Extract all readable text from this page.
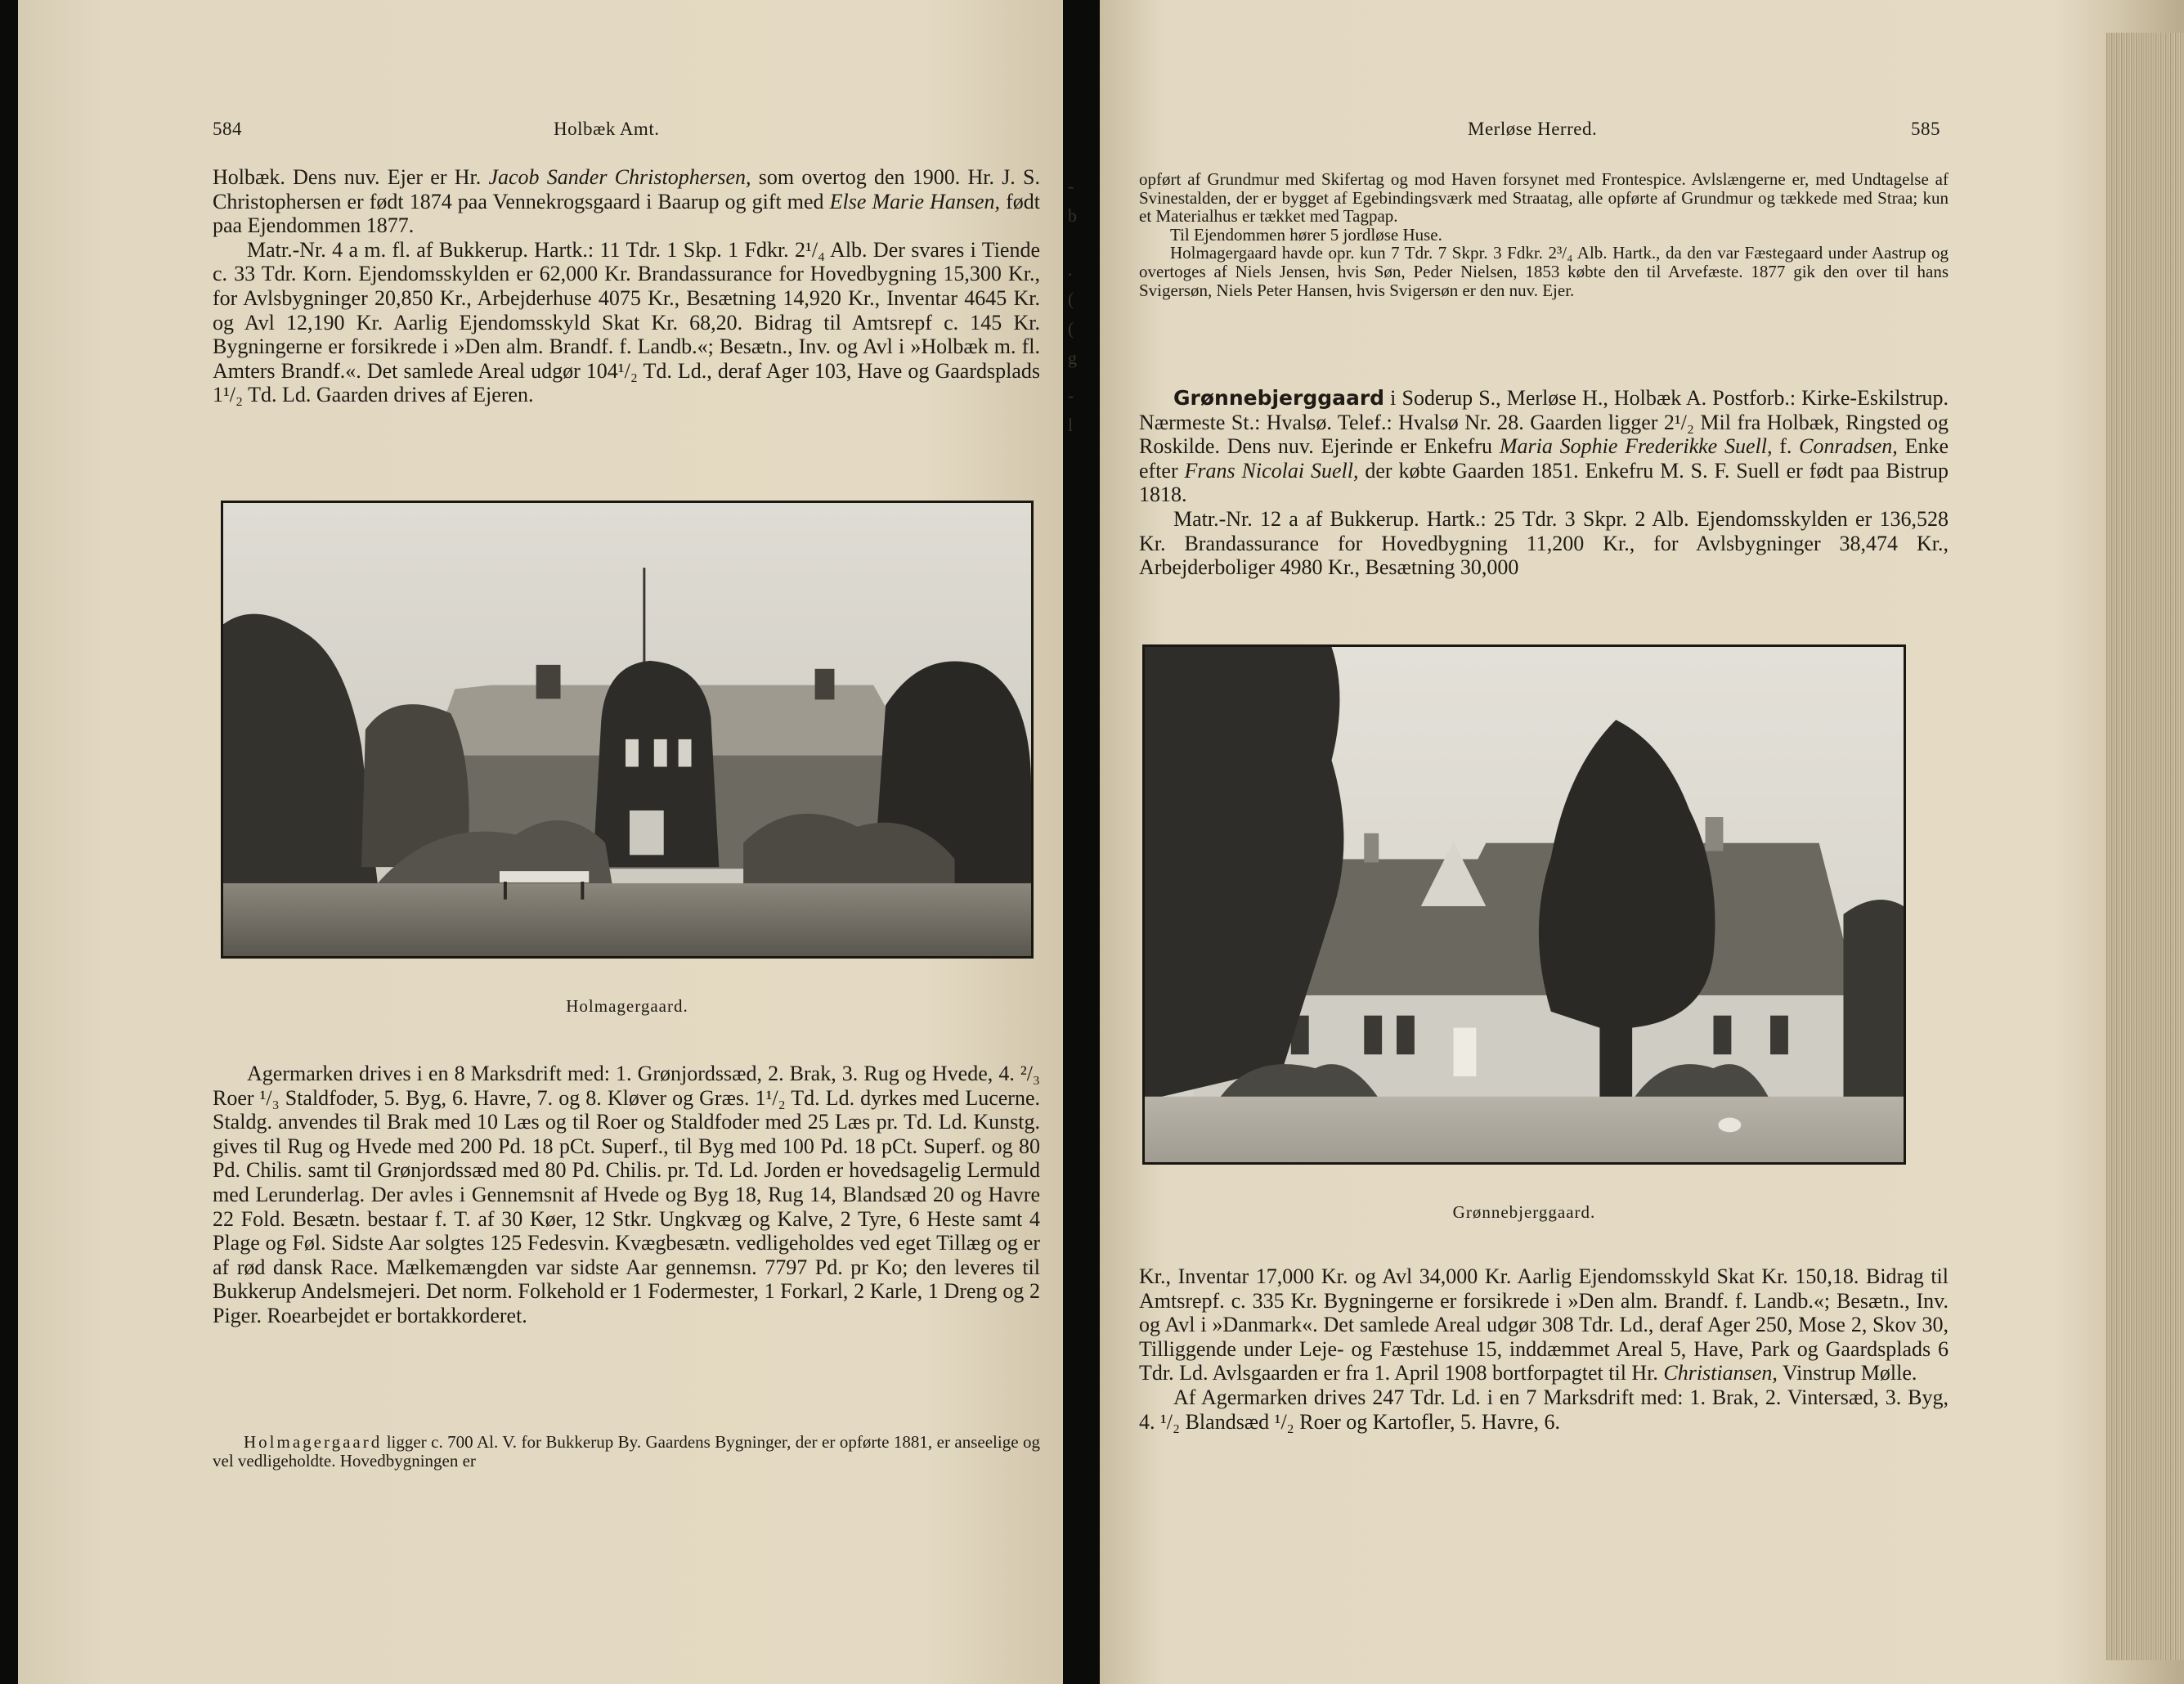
584	Holbæk Amt.

Holbæk. Dens nuv. Ejer er Hr. Jacob Sander Christophersen, som overtog den 1900. Hr. J. S. Christophersen er født 1874 paa Vennekrogsgaard i Baarup og gift med Else Marie Hansen, født paa Ejendommen 1877.

Matr.-Nr. 4 a m. fl. af Bukkerup. Hartk.: 11 Tdr. 1 Skp. 1 Fdkr. 2¹/₄ Alb. Der svares i Tiende c. 33 Tdr. Korn. Ejendomsskylden er 62,000 Kr. Brandassurance for Hovedbygning 15,300 Kr., for Avlsbygninger 20,850 Kr., Arbejderhuse 4075 Kr., Besætning 14,920 Kr., Inventar 4645 Kr. og Avl 12,190 Kr. Aarlig Ejendomsskyld Skat Kr. 68,20. Bidrag til Amtsrepf c. 145 Kr. Bygningerne er forsikrede i »Den alm. Brandf. f. Landb.«; Besætn., Inv. og Avl i »Holbæk m. fl. Amters Brandf.«. Det samlede Areal udgør 104¹/₂ Td. Ld., deraf Ager 103, Have og Gaardsplads 1¹/₂ Td. Ld. Gaarden drives af Ejeren.

Holmagergaard.

Agermarken drives i en 8 Marksdrift med: 1. Grønjordssæd, 2. Brak, 3. Rug og Hvede, 4. ²/₃ Roer ¹/₃ Staldfoder, 5. Byg, 6. Havre, 7. og 8. Kløver og Græs. 1¹/₂ Td. Ld. dyrkes med Lucerne. Staldg. anvendes til Brak med 10 Læs og til Roer og Staldfoder med 25 Læs pr. Td. Ld. Kunstg. gives til Rug og Hvede med 200 Pd. 18 pCt. Superf., til Byg med 100 Pd. 18 pCt. Superf. og 80 Pd. Chilis. samt til Grønjordssæd med 80 Pd. Chilis. pr. Td. Ld. Jorden er hovedsagelig Lermuld med Lerunderlag. Der avles i Gennemsnit af Hvede og Byg 18, Rug 14, Blandsæd 20 og Havre 22 Fold. Besætn. bestaar f. T. af 30 Køer, 12 Stkr. Ungkvæg og Kalve, 2 Tyre, 6 Heste samt 4 Plage og Føl. Sidste Aar solgtes 125 Fedesvin. Kvægbesætn. vedligeholdes ved eget Tillæg og er af rød dansk Race. Mælkemængden var sidste Aar gennemsn. 7797 Pd. pr Ko; den leveres til Bukkerup Andelsmejeri. Det norm. Folkehold er 1 Fodermester, 1 Forkarl, 2 Karle, 1 Dreng og 2 Piger. Roearbejdet er bortakkorderet.

Holmagergaard ligger c. 700 Al. V. for Bukkerup By. Gaardens Bygninger, der er opførte 1881, er anseelige og vel vedligeholdte. Hovedbygningen er

-
b
.
(
(
g
-
l
Merløse Herred.	585

opført af Grundmur med Skifertag og mod Haven forsynet med Frontespice. Avlslængerne er, med Undtagelse af Svinestalden, der er bygget af Egebindingsværk med Straatag, alle opførte af Grundmur og tækkede med Straa; kun et Materialhus er tækket med Tagpap.

Til Ejendommen hører 5 jordløse Huse.

Holmagergaard havde opr. kun 7 Tdr. 7 Skpr. 3 Fdkr. 2³/₄ Alb. Hartk., da den var Fæstegaard under Aastrup og overtoges af Niels Jensen, hvis Søn, Peder Nielsen, 1853 købte den til Arvefæste. 1877 gik den over til hans Svigersøn, Niels Peter Hansen, hvis Svigersøn er den nuv. Ejer.

Grønnebjerggaard i Soderup S., Merløse H., Holbæk A. Postforb.: Kirke-Eskilstrup. Nærmeste St.: Hvalsø. Telef.: Hvalsø Nr. 28. Gaarden ligger 2¹/₂ Mil fra Holbæk, Ringsted og Roskilde. Dens nuv. Ejerinde er Enkefru Maria Sophie Frederikke Suell, f. Conradsen, Enke efter Frans Nicolai Suell, der købte Gaarden 1851. Enkefru M. S. F. Suell er født paa Bistrup 1818.

Matr.-Nr. 12 a af Bukkerup. Hartk.: 25 Tdr. 3 Skpr. 2 Alb. Ejendomsskylden er 136,528 Kr. Brandassurance for Hovedbygning 11,200 Kr., for Avlsbygninger 38,474 Kr., Arbejderboliger 4980 Kr., Besætning 30,000

Grønnebjerggaard.

Kr., Inventar 17,000 Kr. og Avl 34,000 Kr. Aarlig Ejendomsskyld Skat Kr. 150,18. Bidrag til Amtsrepf. c. 335 Kr. Bygningerne er forsikrede i »Den alm. Brandf. f. Landb.«; Besætn., Inv. og Avl i »Danmark«. Det samlede Areal udgør 308 Tdr. Ld., deraf Ager 250, Mose 2, Skov 30, Tilliggende under Leje- og Fæstehuse 15, inddæmmet Areal 5, Have, Park og Gaardsplads 6 Tdr. Ld. Avlsgaarden er fra 1. April 1908 bortforpagtet til Hr. Christiansen, Vinstrup Mølle.

Af Agermarken drives 247 Tdr. Ld. i en 7 Marksdrift med: 1. Brak, 2. Vintersæd, 3. Byg, 4. ¹/₂ Blandsæd ¹/₂ Roer og Kartofler, 5. Havre, 6.
